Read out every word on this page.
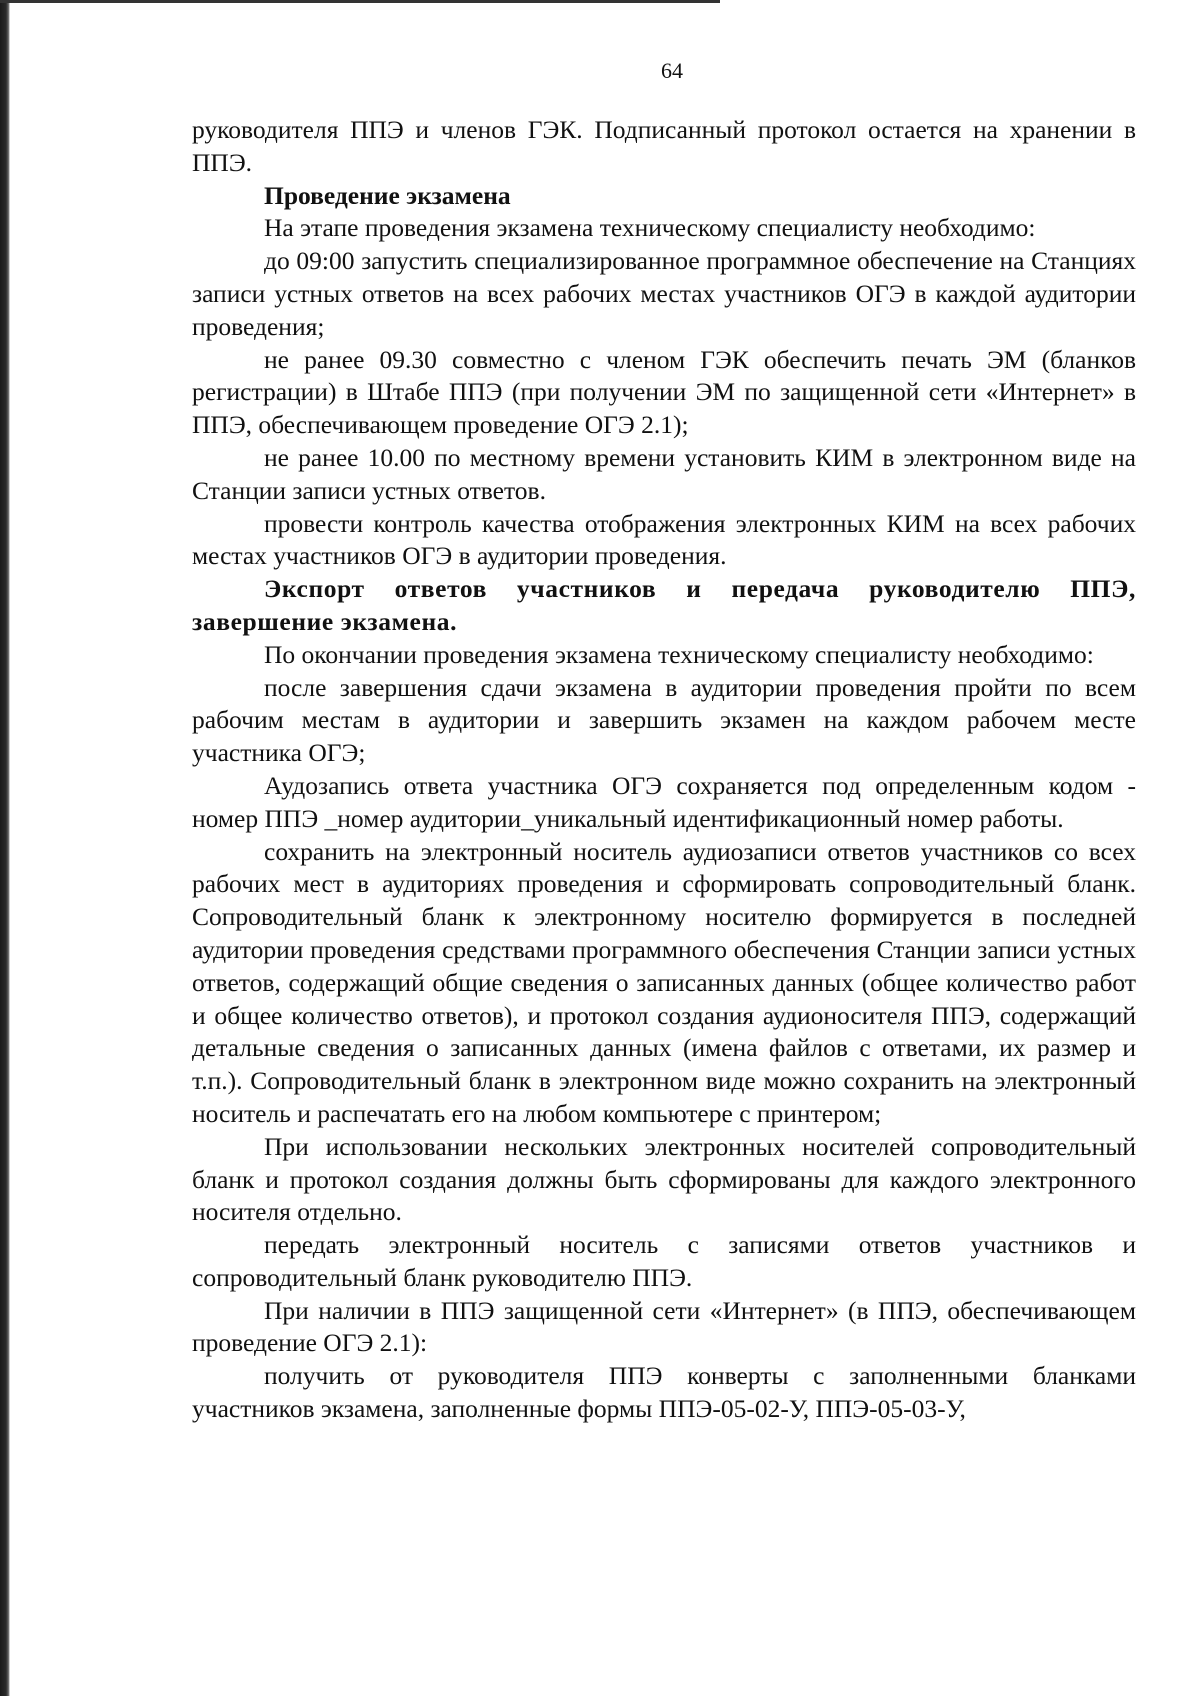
64

руководителя ППЭ и членов ГЭК. Подписанный протокол остается на хранении в ППЭ.

Проведение экзамена

На этапе проведения экзамена техническому специалисту необходимо:

до 09:00 запустить специализированное программное обеспечение на Станциях записи устных ответов на всех рабочих местах участников ОГЭ в каждой аудитории проведения;

не ранее 09.30 совместно с членом ГЭК обеспечить печать ЭМ (бланков регистрации) в Штабе ППЭ (при получении ЭМ по защищенной сети «Интернет» в ППЭ, обеспечивающем проведение ОГЭ 2.1);

не ранее 10.00 по местному времени установить КИМ в электронном виде на Станции записи устных ответов.

провести контроль качества отображения электронных КИМ на всех рабочих местах участников ОГЭ в аудитории проведения.

Экспорт ответов участников и передача руководителю ППЭ, завершение экзамена.

По окончании проведения экзамена техническому специалисту необходимо:

после завершения сдачи экзамена в аудитории проведения пройти по всем рабочим местам в аудитории и завершить экзамен на каждом рабочем месте участника ОГЭ;

Аудозапись ответа участника ОГЭ сохраняется под определенным кодом - номер ППЭ _номер аудитории_уникальный идентификационный номер работы.

сохранить на электронный носитель аудиозаписи ответов участников со всех рабочих мест в аудиториях проведения и сформировать сопроводительный бланк. Сопроводительный бланк к электронному носителю формируется в последней аудитории проведения средствами программного обеспечения Станции записи устных ответов, содержащий общие сведения о записанных данных (общее количество работ и общее количество ответов), и протокол создания аудионосителя ППЭ, содержащий детальные сведения о записанных данных (имена файлов с ответами, их размер и т.п.). Сопроводительный бланк в электронном виде можно сохранить на электронный носитель и распечатать его на любом компьютере с принтером;

При использовании нескольких электронных носителей сопроводительный бланк и протокол создания должны быть сформированы для каждого электронного носителя отдельно.

передать электронный носитель с записями ответов участников и сопроводительный бланк руководителю ППЭ.

При наличии в ППЭ защищенной сети «Интернет» (в ППЭ, обеспечивающем проведение ОГЭ 2.1):

получить от руководителя ППЭ конверты с заполненными бланками участников экзамена, заполненные формы ППЭ-05-02-У, ППЭ-05-03-У,
